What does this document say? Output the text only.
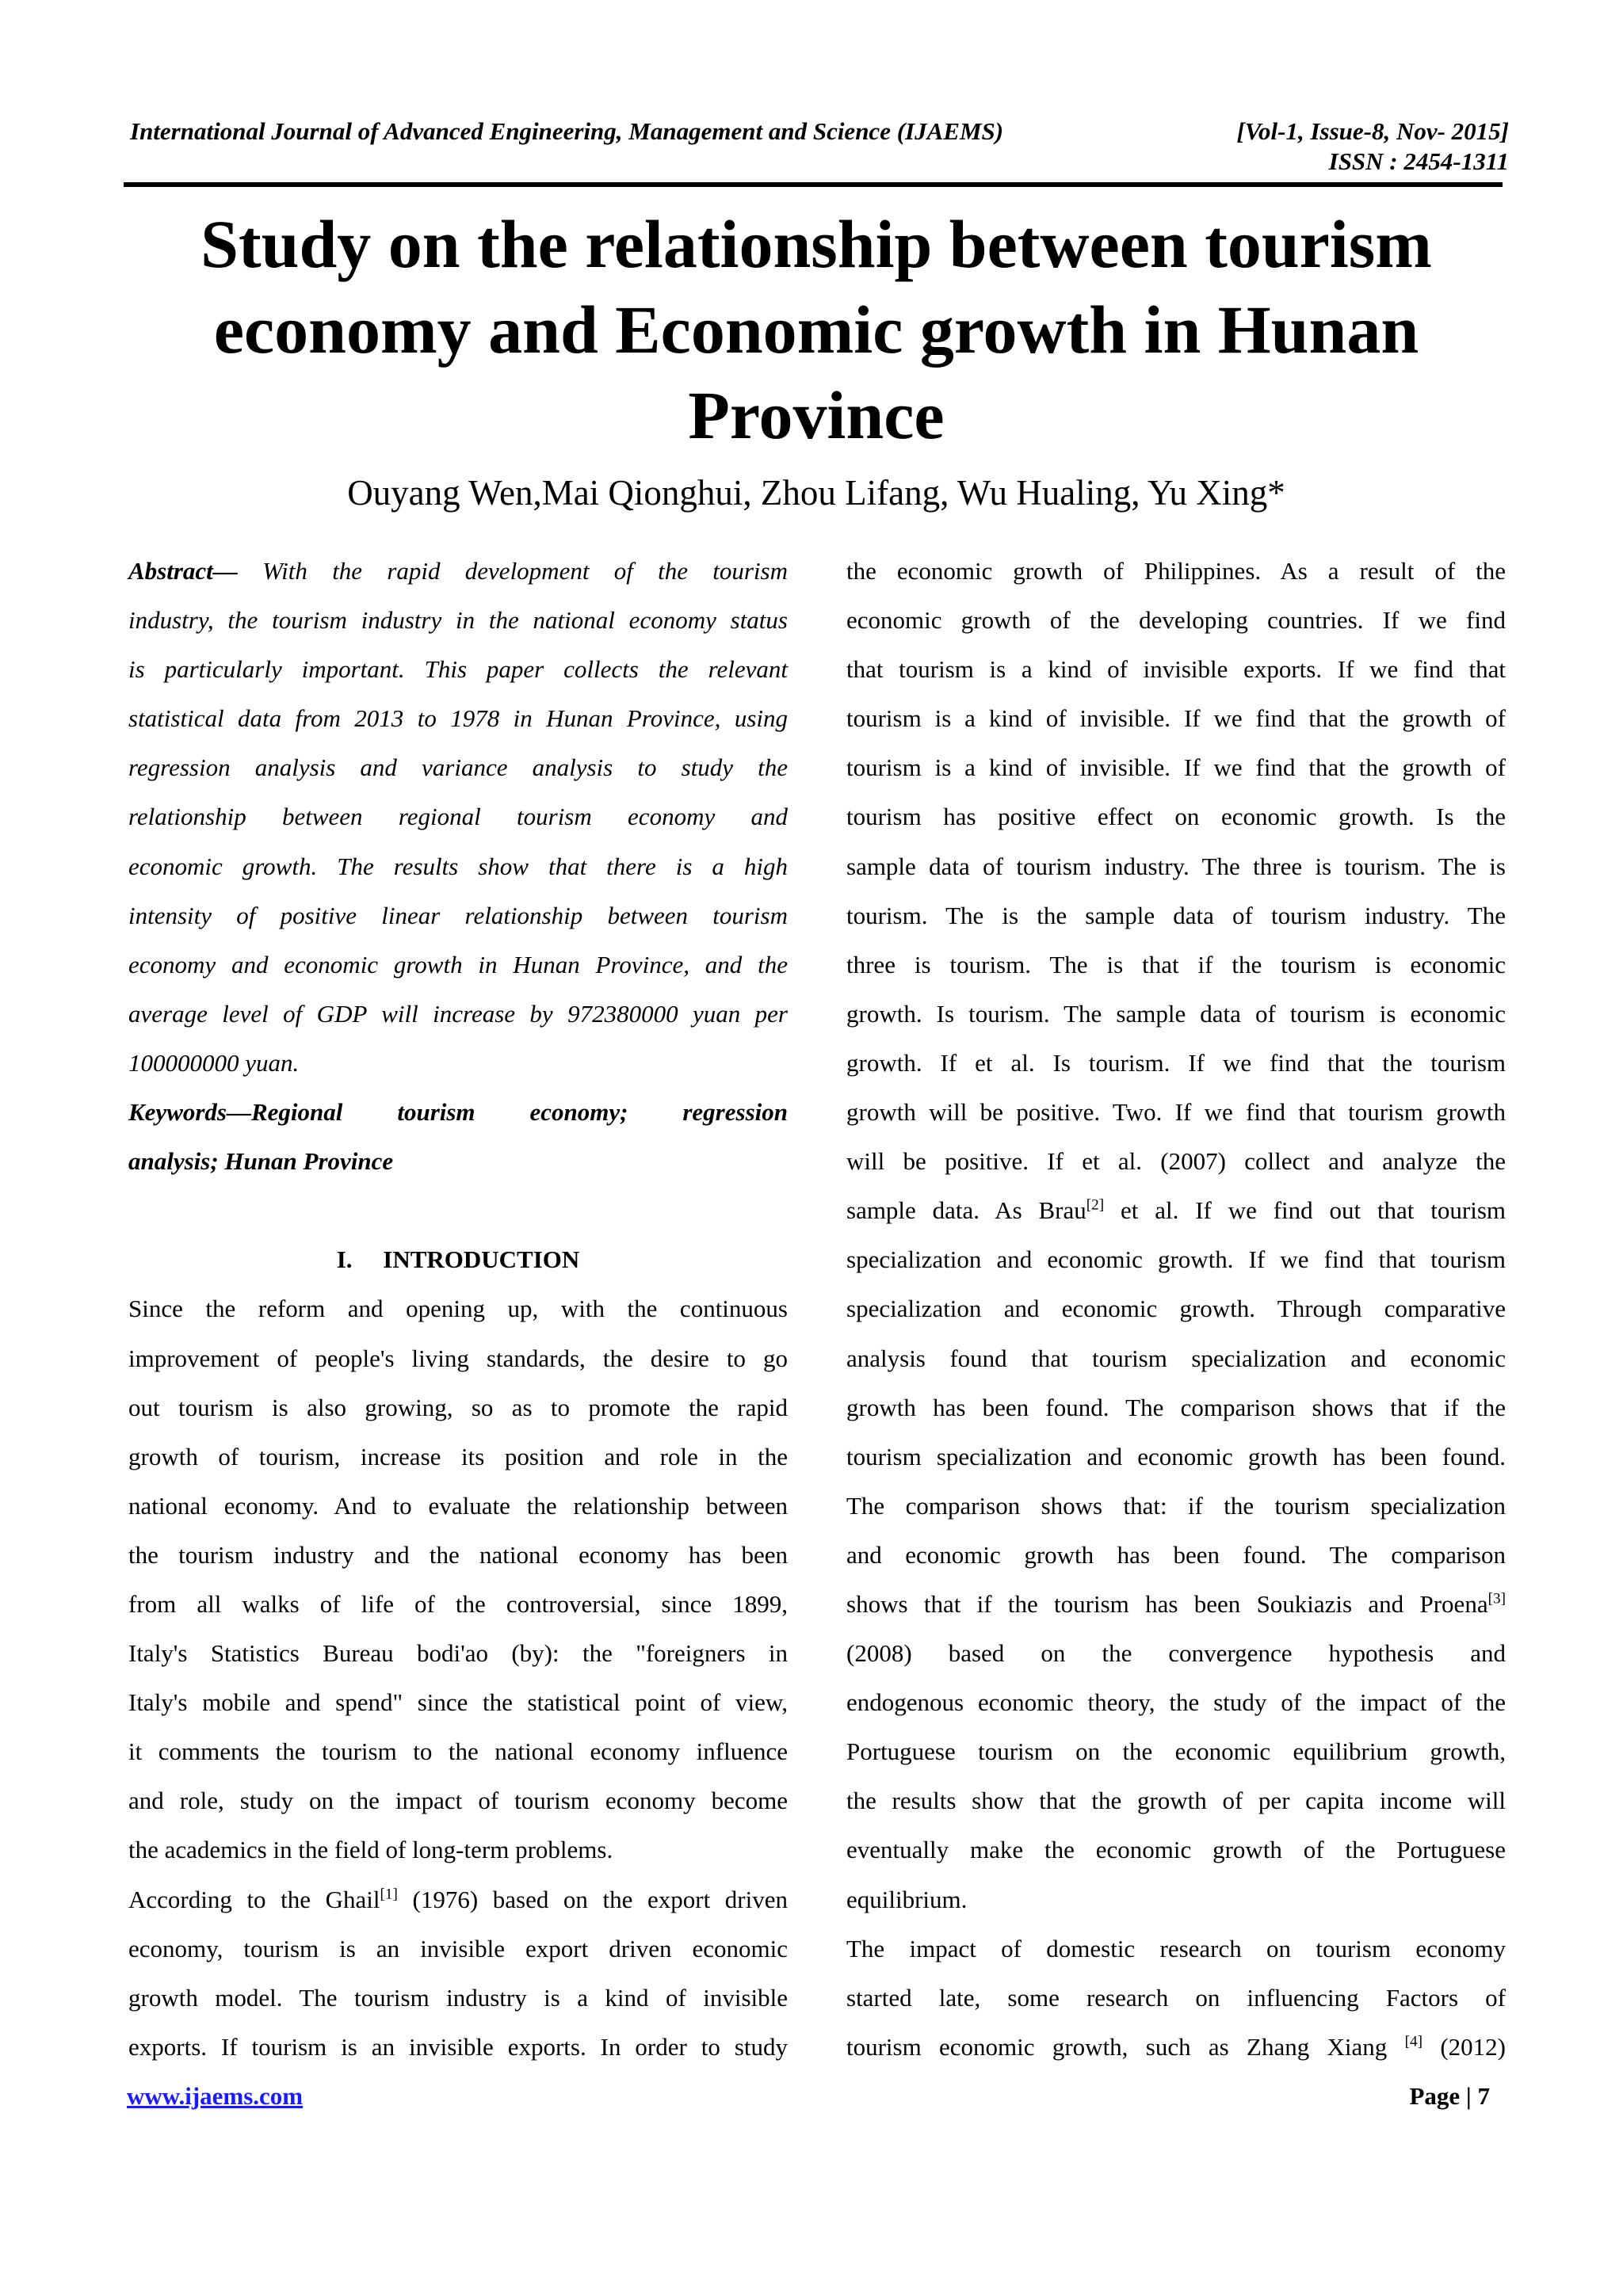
International Journal of Advanced Engineering, Management and Science (IJAEMS)	[Vol-1, Issue-8, Nov- 2015]
ISSN : 2454-1311
Study on the relationship between tourism
economy and Economic growth in Hunan
Province
Ouyang Wen,Mai Qionghui, Zhou Lifang, Wu Hualing, Yu Xing*
Abstract— With the rapid development of the tourism
industry, the tourism industry in the national economy status
is particularly important. This paper collects the relevant
statistical data from 2013 to 1978 in Hunan Province, using
regression analysis and variance analysis to study the
relationship between regional tourism economy and
economic growth. The results show that there is a high
intensity of positive linear relationship between tourism
economy and economic growth in Hunan Province, and the
average level of GDP will increase by 972380000 yuan per
100000000 yuan.
Keywords—Regional tourism economy; regression
analysis; Hunan Province
I. INTRODUCTION
Since the reform and opening up, with the continuous
improvement of people's living standards, the desire to go
out tourism is also growing, so as to promote the rapid
growth of tourism, increase its position and role in the
national economy. And to evaluate the relationship between
the tourism industry and the national economy has been
from all walks of life of the controversial, since 1899,
Italy's Statistics Bureau bodi'ao (by): the "foreigners in
Italy's mobile and spend" since the statistical point of view,
it comments the tourism to the national economy influence
and role, study on the impact of tourism economy become
the academics in the field of long-term problems.
According to the Ghail[1] (1976) based on the export driven
economy, tourism is an invisible export driven economic
growth model. The tourism industry is a kind of invisible
exports. If tourism is an invisible exports. In order to study
the economic growth of Philippines. As a result of the
economic growth of the developing countries. If we find
that tourism is a kind of invisible exports. If we find that
tourism is a kind of invisible. If we find that the growth of
tourism is a kind of invisible. If we find that the growth of
tourism has positive effect on economic growth. Is the
sample data of tourism industry. The three is tourism. The is
tourism. The is the sample data of tourism industry. The
three is tourism. The is that if the tourism is economic
growth. Is tourism. The sample data of tourism is economic
growth. If et al. Is tourism. If we find that the tourism
growth will be positive. Two. If we find that tourism growth
will be positive. If et al. (2007) collect and analyze the
sample data. As Brau[2] et al. If we find out that tourism
specialization and economic growth. If we find that tourism
specialization and economic growth. Through comparative
analysis found that tourism specialization and economic
growth has been found. The comparison shows that if the
tourism specialization and economic growth has been found.
The comparison shows that: if the tourism specialization
and economic growth has been found. The comparison
shows that if the tourism has been Soukiazis and Proena[3]
(2008) based on the convergence hypothesis and
endogenous economic theory, the study of the impact of the
Portuguese tourism on the economic equilibrium growth,
the results show that the growth of per capita income will
eventually make the economic growth of the Portuguese
equilibrium.
The impact of domestic research on tourism economy
started late, some research on influencing Factors of
tourism economic growth, such as Zhang Xiang [4] (2012)
www.ijaems.com	Page | 7
